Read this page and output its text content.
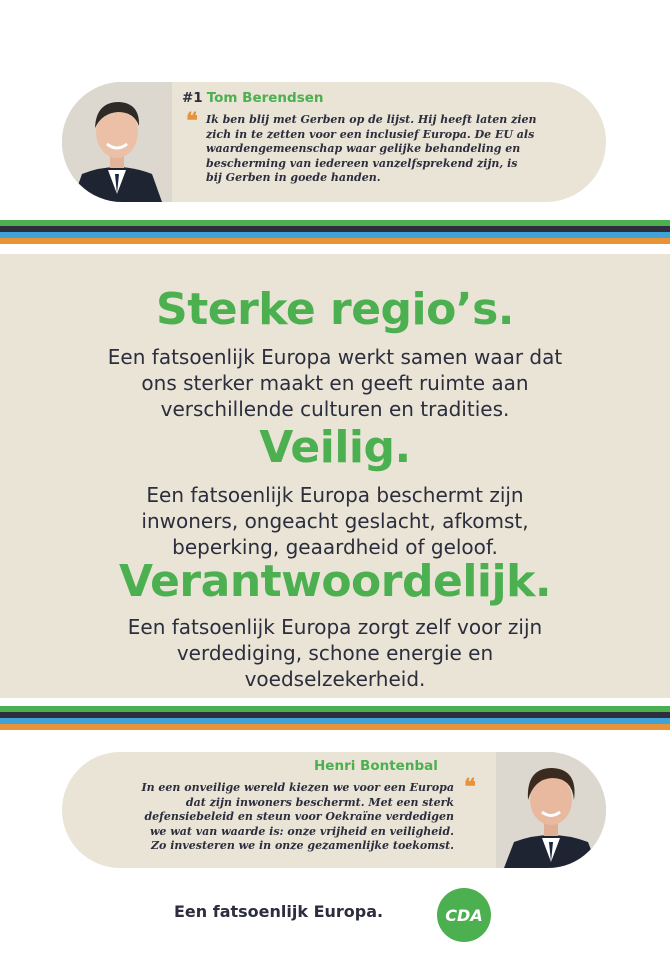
#1 Tom Berendsen
❝ Ik ben blij met Gerben op de lijst. Hij heeft laten zien
zich in te zetten voor een inclusief Europa. De EU als
waardengemeenschap waar gelijke behandeling en
bescherming van iedereen vanzelfsprekend zijn, is
bij Gerben in goede handen.
Sterke regio’s.
Een fatsoenlijk Europa werkt samen waar dat
ons sterker maakt en geeft ruimte aan
verschillende culturen en tradities.
Veilig.
Een fatsoenlijk Europa beschermt zijn
inwoners, ongeacht geslacht, afkomst,
beperking, geaardheid of geloof.
Verantwoordelijk.
Een fatsoenlijk Europa zorgt zelf voor zijn
verdediging, schone energie en
voedselzekerheid.
Henri Bontenbal
❝
In een onveilige wereld kiezen we voor een Europa
dat zijn inwoners beschermt. Met een sterk
defensiebeleid en steun voor Oekraïne verdedigen
we wat van waarde is: onze vrijheid en veiligheid.
Zo investeren we in onze gezamenlijke toekomst.
Een fatsoenlijk Europa.	CDA
